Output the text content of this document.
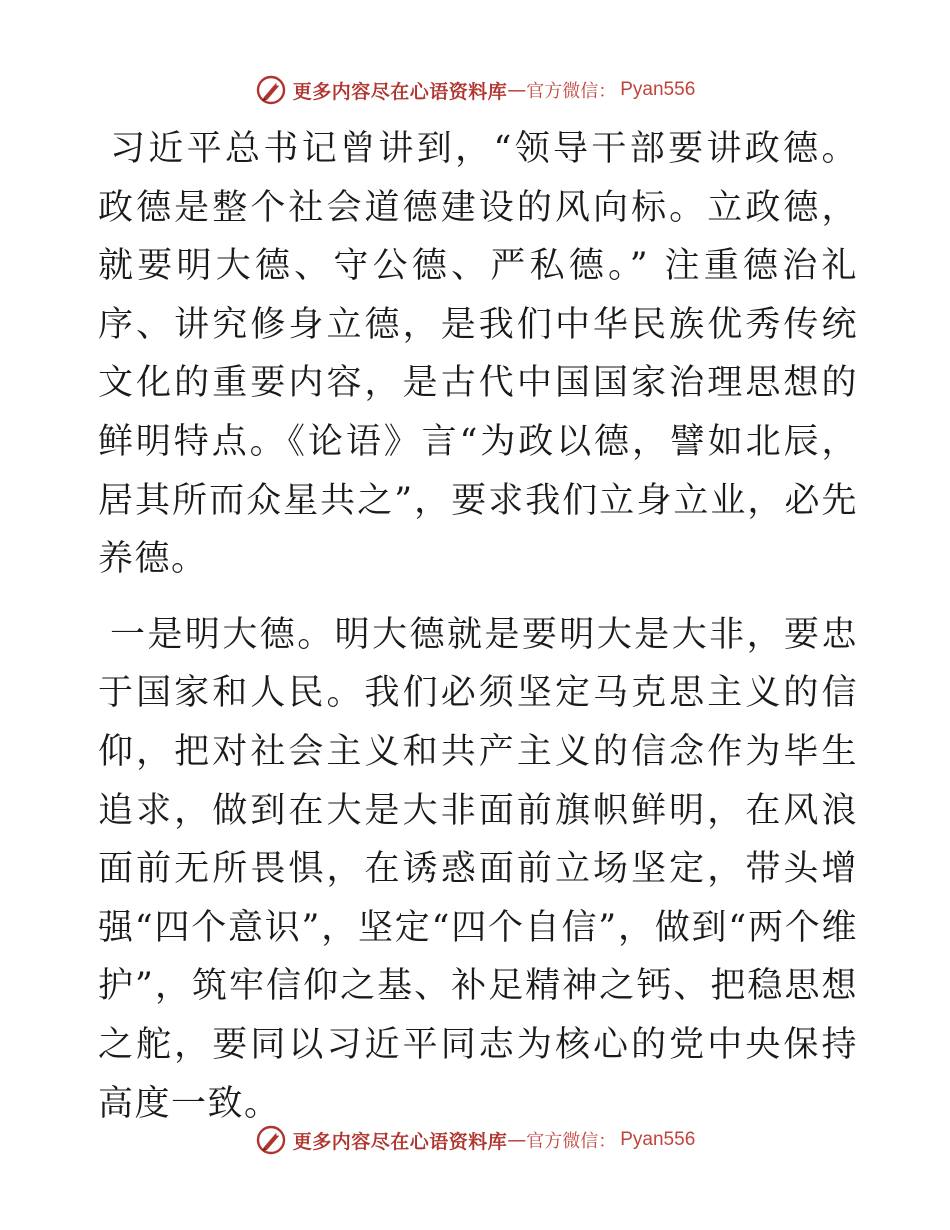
更多内容尽在心语资料库 — 官方微信： Pyan556

习近平总书记曾讲到，“领导干部要讲政德。政德是整个社会道德建设的风向标。立政德，就要明大德、守公德、严私德。” 注重德治礼序、讲究修身立德，是我们中华民族优秀传统文化的重要内容，是古代中国国家治理思想的鲜明特点。《论语》言“为政以德，譬如北辰，居其所而众星共之”，要求我们立身立业，必先养德。

一是明大德。明大德就是要明大是大非，要忠于国家和人民。我们必须坚定马克思主义的信仰，把对社会主义和共产主义的信念作为毕生追求，做到在大是大非面前旗帜鲜明，在风浪面前无所畏惧，在诱惑面前立场坚定，带头增强“四个意识”，坚定“四个自信”，做到“两个维护”，筑牢信仰之基、补足精神之钙、把稳思想之舵，要同以习近平同志为核心的党中央保持高度一致。

更多内容尽在心语资料库 — 官方微信： Pyan556
